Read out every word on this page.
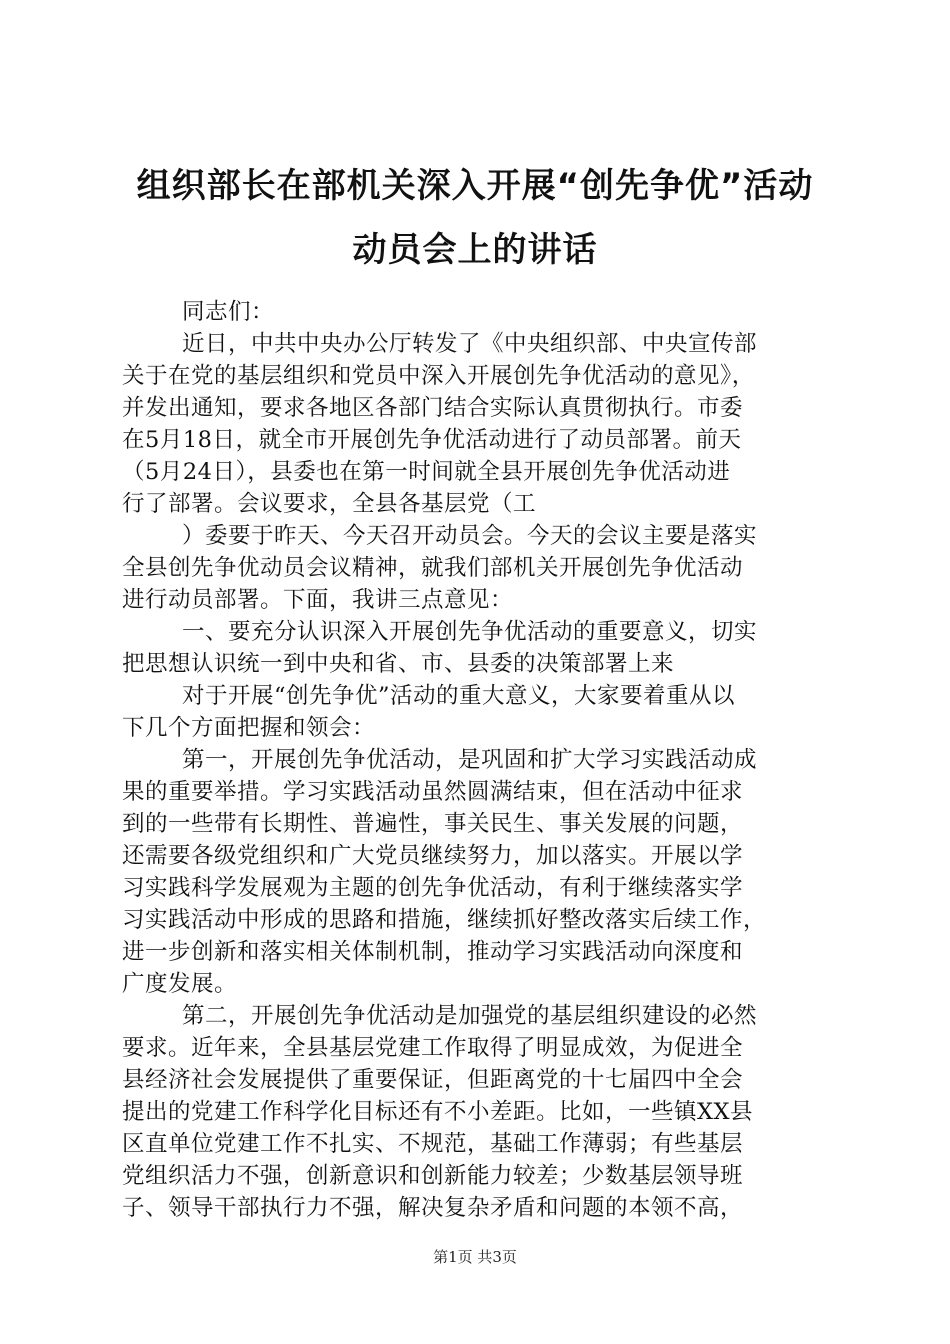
组织部长在部机关深入开展“创先争优”活动
动员会上的讲话
同志们：
近日，中共中央办公厅转发了《中央组织部、中央宣传部
关于在党的基层组织和党员中深入开展创先争优活动的意见》，
并发出通知，要求各地区各部门结合实际认真贯彻执行。市委
在5月18日，就全市开展创先争优活动进行了动员部署。前天
（5月24日），县委也在第一时间就全县开展创先争优活动进
行了部署。会议要求，全县各基层党（工
）委要于昨天、今天召开动员会。今天的会议主要是落实
全县创先争优动员会议精神，就我们部机关开展创先争优活动
进行动员部署。下面，我讲三点意见：
一、要充分认识深入开展创先争优活动的重要意义，切实
把思想认识统一到中央和省、市、县委的决策部署上来
对于开展“创先争优”活动的重大意义，大家要着重从以
下几个方面把握和领会：
第一，开展创先争优活动，是巩固和扩大学习实践活动成
果的重要举措。学习实践活动虽然圆满结束，但在活动中征求
到的一些带有长期性、普遍性，事关民生、事关发展的问题，
还需要各级党组织和广大党员继续努力，加以落实。开展以学
习实践科学发展观为主题的创先争优活动，有利于继续落实学
习实践活动中形成的思路和措施，继续抓好整改落实后续工作，
进一步创新和落实相关体制机制，推动学习实践活动向深度和
广度发展。
第二，开展创先争优活动是加强党的基层组织建设的必然
要求。近年来，全县基层党建工作取得了明显成效，为促进全
县经济社会发展提供了重要保证，但距离党的十七届四中全会
提出的党建工作科学化目标还有不小差距。比如，一些镇XX县
区直单位党建工作不扎实、不规范，基础工作薄弱；有些基层
党组织活力不强，创新意识和创新能力较差；少数基层领导班
子、领导干部执行力不强，解决复杂矛盾和问题的本领不高，
第1页 共3页
